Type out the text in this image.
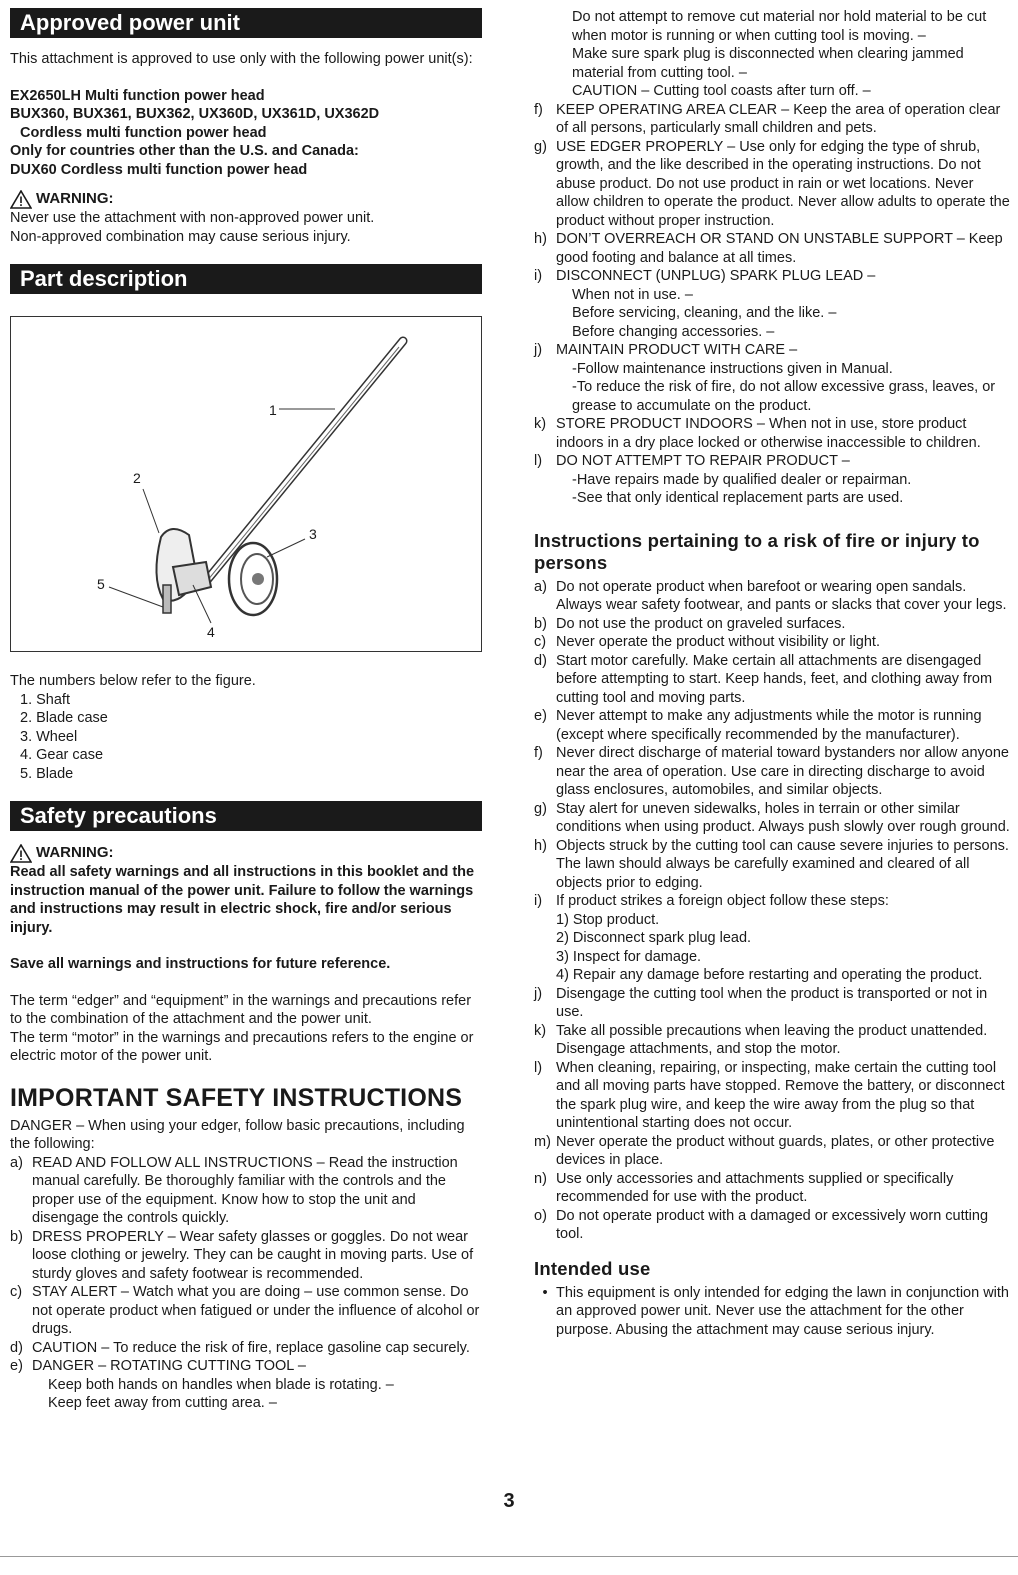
Approved power unit

This attachment is approved to use only with the following power unit(s):

EX2650LH Multi function power head

BUX360, BUX361, BUX362, UX360D, UX361D, UX362D

Cordless multi function power head

Only for countries other than the U.S. and Canada:

DUX60 Cordless multi function power head

WARNING:

Never use the attachment with non-approved power unit.

Non-approved combination may cause serious injury.

Part description
1
2
3
4
5

The numbers below refer to the figure.

1. Shaft
2. Blade case
3. Wheel
4. Gear case
5. Blade
Safety precautions
WARNING:

Read all safety warnings and all instructions in this booklet and the instruction manual of the power unit. Failure to follow the warnings and instructions may result in electric shock, fire and/or serious injury.

Save all warnings and instructions for future reference.

The term “edger” and “equipment” in the warnings and precautions refer to the combination of the attachment and the power unit.

The term “motor” in the warnings and precautions refers to the engine or electric motor of the power unit.

IMPORTANT SAFETY INSTRUCTIONS

DANGER – When using your edger, follow basic precautions, including the following:

a) READ AND FOLLOW ALL INSTRUCTIONS – Read the instruction manual carefully. Be thoroughly familiar with the controls and the proper use of the equipment. Know how to stop the unit and disengage the controls quickly.
b) DRESS PROPERLY – Wear safety glasses or goggles. Do not wear loose clothing or jewelry. They can be caught in moving parts. Use of sturdy gloves and safety footwear is recommended.
c) STAY ALERT – Watch what you are doing – use common sense. Do not operate product when fatigued or under the influence of alcohol or drugs.
d) CAUTION – To reduce the risk of fire, replace gasoline cap securely.
e) DANGER – ROTATING CUTTING TOOL –
Keep both hands on handles when blade is rotating. –
Keep feet away from cutting area. –
Do not attempt to remove cut material nor hold material to be cut when motor is running or when cutting tool is moving. –
Make sure spark plug is disconnected when clearing jammed material from cutting tool. –
CAUTION – Cutting tool coasts after turn off. –
f) KEEP OPERATING AREA CLEAR – Keep the area of operation clear of all persons, particularly small children and pets.
g) USE EDGER PROPERLY – Use only for edging the type of shrub, growth, and the like described in the operating instructions. Do not abuse product. Do not use product in rain or wet locations. Never allow children to operate the product. Never allow adults to operate the product without proper instruction.
h) DON’T OVERREACH OR STAND ON UNSTABLE SUPPORT – Keep good footing and balance at all times.
i) DISCONNECT (UNPLUG) SPARK PLUG LEAD –
When not in use. –
Before servicing, cleaning, and the like. –
Before changing accessories. –
j) MAINTAIN PRODUCT WITH CARE –
-Follow maintenance instructions given in Manual.
-To reduce the risk of fire, do not allow excessive grass, leaves, or grease to accumulate on the product.
k) STORE PRODUCT INDOORS – When not in use, store product indoors in a dry place locked or otherwise inaccessible to children.
l) DO NOT ATTEMPT TO REPAIR PRODUCT –
-Have repairs made by qualified dealer or repairman.
-See that only identical replacement parts are used.
Instructions pertaining to a risk of fire or injury to persons
a) Do not operate product when barefoot or wearing open sandals. Always wear safety footwear, and pants or slacks that cover your legs.
b) Do not use the product on graveled surfaces.
c) Never operate the product without visibility or light.
d) Start motor carefully. Make certain all attachments are disengaged before attempting to start. Keep hands, feet, and clothing away from cutting tool and moving parts.
e) Never attempt to make any adjustments while the motor is running (except where specifically recommended by the manufacturer).
f) Never direct discharge of material toward bystanders nor allow anyone near the area of operation. Use care in directing discharge to avoid glass enclosures, automobiles, and similar objects.
g) Stay alert for uneven sidewalks, holes in terrain or other similar conditions when using product. Always push slowly over rough ground.
h) Objects struck by the cutting tool can cause severe injuries to persons. The lawn should always be carefully examined and cleared of all objects prior to edging.
i) If product strikes a foreign object follow these steps:
1) Stop product.
2) Disconnect spark plug lead.
3) Inspect for damage.
4) Repair any damage before restarting and operating the product.
j) Disengage the cutting tool when the product is transported or not in use.
k) Take all possible precautions when leaving the product unattended. Disengage attachments, and stop the motor.
l) When cleaning, repairing, or inspecting, make certain the cutting tool and all moving parts have stopped. Remove the battery, or disconnect the spark plug wire, and keep the wire away from the plug so that unintentional starting does not occur.
m) Never operate the product without guards, plates, or other protective devices in place.
n) Use only accessories and attachments supplied or specifically recommended for use with the product.
o) Do not operate product with a damaged or excessively worn cutting tool.
Intended use
• This equipment is only intended for edging the lawn in conjunction with an approved power unit. Never use the attachment for the other purpose. Abusing the attachment may cause serious injury.
3
